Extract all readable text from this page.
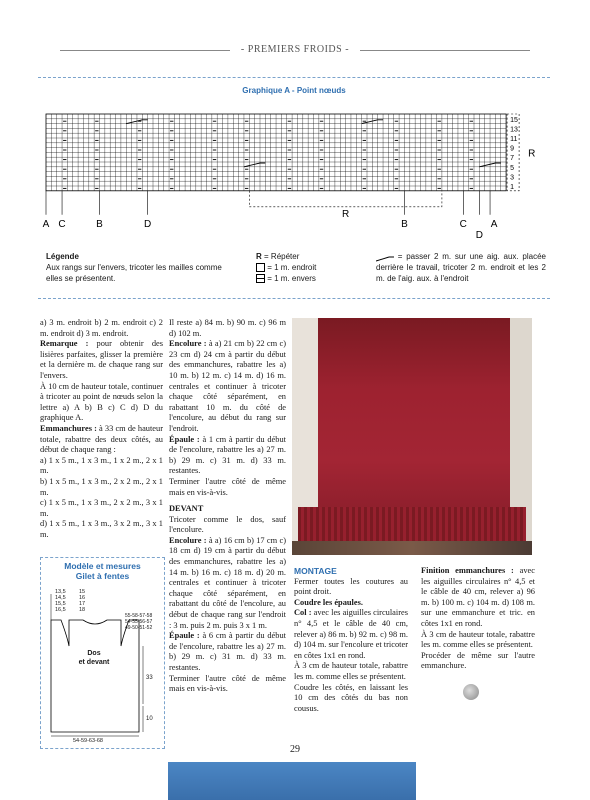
- PREMIERS FROIDS -
Graphique A - Point nœuds
15
13
11
9
7
5
3
1
R
R
A C	B	D	B	C A
D
Légende
Aux rangs sur l'envers, tricoter les mailles comme elles se présentent.
R = Répéter
= 1 m. endroit
= 1 m. envers
= passer 2 m. sur une aig. aux. placée derrière le travail, tricoter 2 m. endroit et les 2 m. de l'aig. aux. à l'endroit

a) 3 m. endroit b) 2 m. endroit c) 2 m. endroit d) 3 m. endroit.

Remarque : pour obtenir des lisières parfaites, glisser la première et la dernière m. de chaque rang sur l'envers.

À 10 cm de hauteur totale, continuer à tricoter au point de nœuds selon la lettre a) A b) B c) C d) D du graphique A.

Emmanchures : à 33 cm de hauteur totale, rabattre des deux côtés, au début de chaque rang :

a) 1 x 5 m., 1 x 3 m., 1 x 2 m., 2 x 1 m.

b) 1 x 5 m., 1 x 3 m., 2 x 2 m., 2 x 1 m.

c) 1 x 5 m., 1 x 3 m., 2 x 2 m., 3 x 1 m.

d) 1 x 5 m., 1 x 3 m., 3 x 2 m., 3 x 1 m.

Modèle et mesures
Gilet à fentes
13,5
14,5
15,5
16,5
15
16
17
18
55-58-57-58
54-55-56-57
49-50-51-52
Dos
et devant
33
10
54-59-63-68

Il reste a) 84 m. b) 90 m. c) 96 m d) 102 m.

Encolure : à a) 21 cm b) 22 cm c) 23 cm d) 24 cm à partir du début des emmanchures, rabattre les a) 10 m. b) 12 m. c) 14 m. d) 16 m. centrales et continuer à tricoter chaque côté séparément, en rabattant 10 m. du côté de l'encolure, au début du rang sur l'endroit.

Épaule : à 1 cm à partir du début de l'encolure, rabattre les a) 27 m. b) 29 m. c) 31 m. d) 33 m. restantes.

Terminer l'autre côté de même mais en vis-à-vis.

DEVANT

Tricoter comme le dos, sauf l'encolure.

Encolure : à a) 16 cm b) 17 cm c) 18 cm d) 19 cm à partir du début des emmanchures, rabattre les a) 14 m. b) 16 m. c) 18 m. d) 20 m. centrales et continuer à tricoter chaque côté séparément, en rabattant du côté de l'encolure, au début de chaque rang sur l'endroit : 3 m. puis 2 m. puis 3 x 1 m.

Épaule : à 6 cm à partir du début de l'encolure, rabattre les a) 27 m. b) 29 m. c) 31 m. d) 33 m. restantes.

Terminer l'autre côté de même mais en vis-à-vis.

MONTAGE

Fermer toutes les coutures au point droit.

Coudre les épaules.

Col : avec les aiguilles circulaires n° 4,5 et le câble de 40 cm, relever a) 86 m. b) 92 m. c) 98 m. d) 104 m. sur l'encolure et tricoter en côtes 1x1 en rond.

À 3 cm de hauteur totale, rabattre les m. comme elles se présentent.

Coudre les côtés, en laissant les 10 cm des côtés du bas non cousus.

Finition emmanchures : avec les aiguilles circulaires n° 4,5 et le câble de 40 cm, relever a) 96 m. b) 100 m. c) 104 m. d) 108 m. sur une emmanchure et tric. en côtes 1x1 en rond.

À 3 cm de hauteur totale, rabattre les m. comme elles se présentent.

Procéder de même sur l'autre emmanchure.

29
PassionForum.ru
